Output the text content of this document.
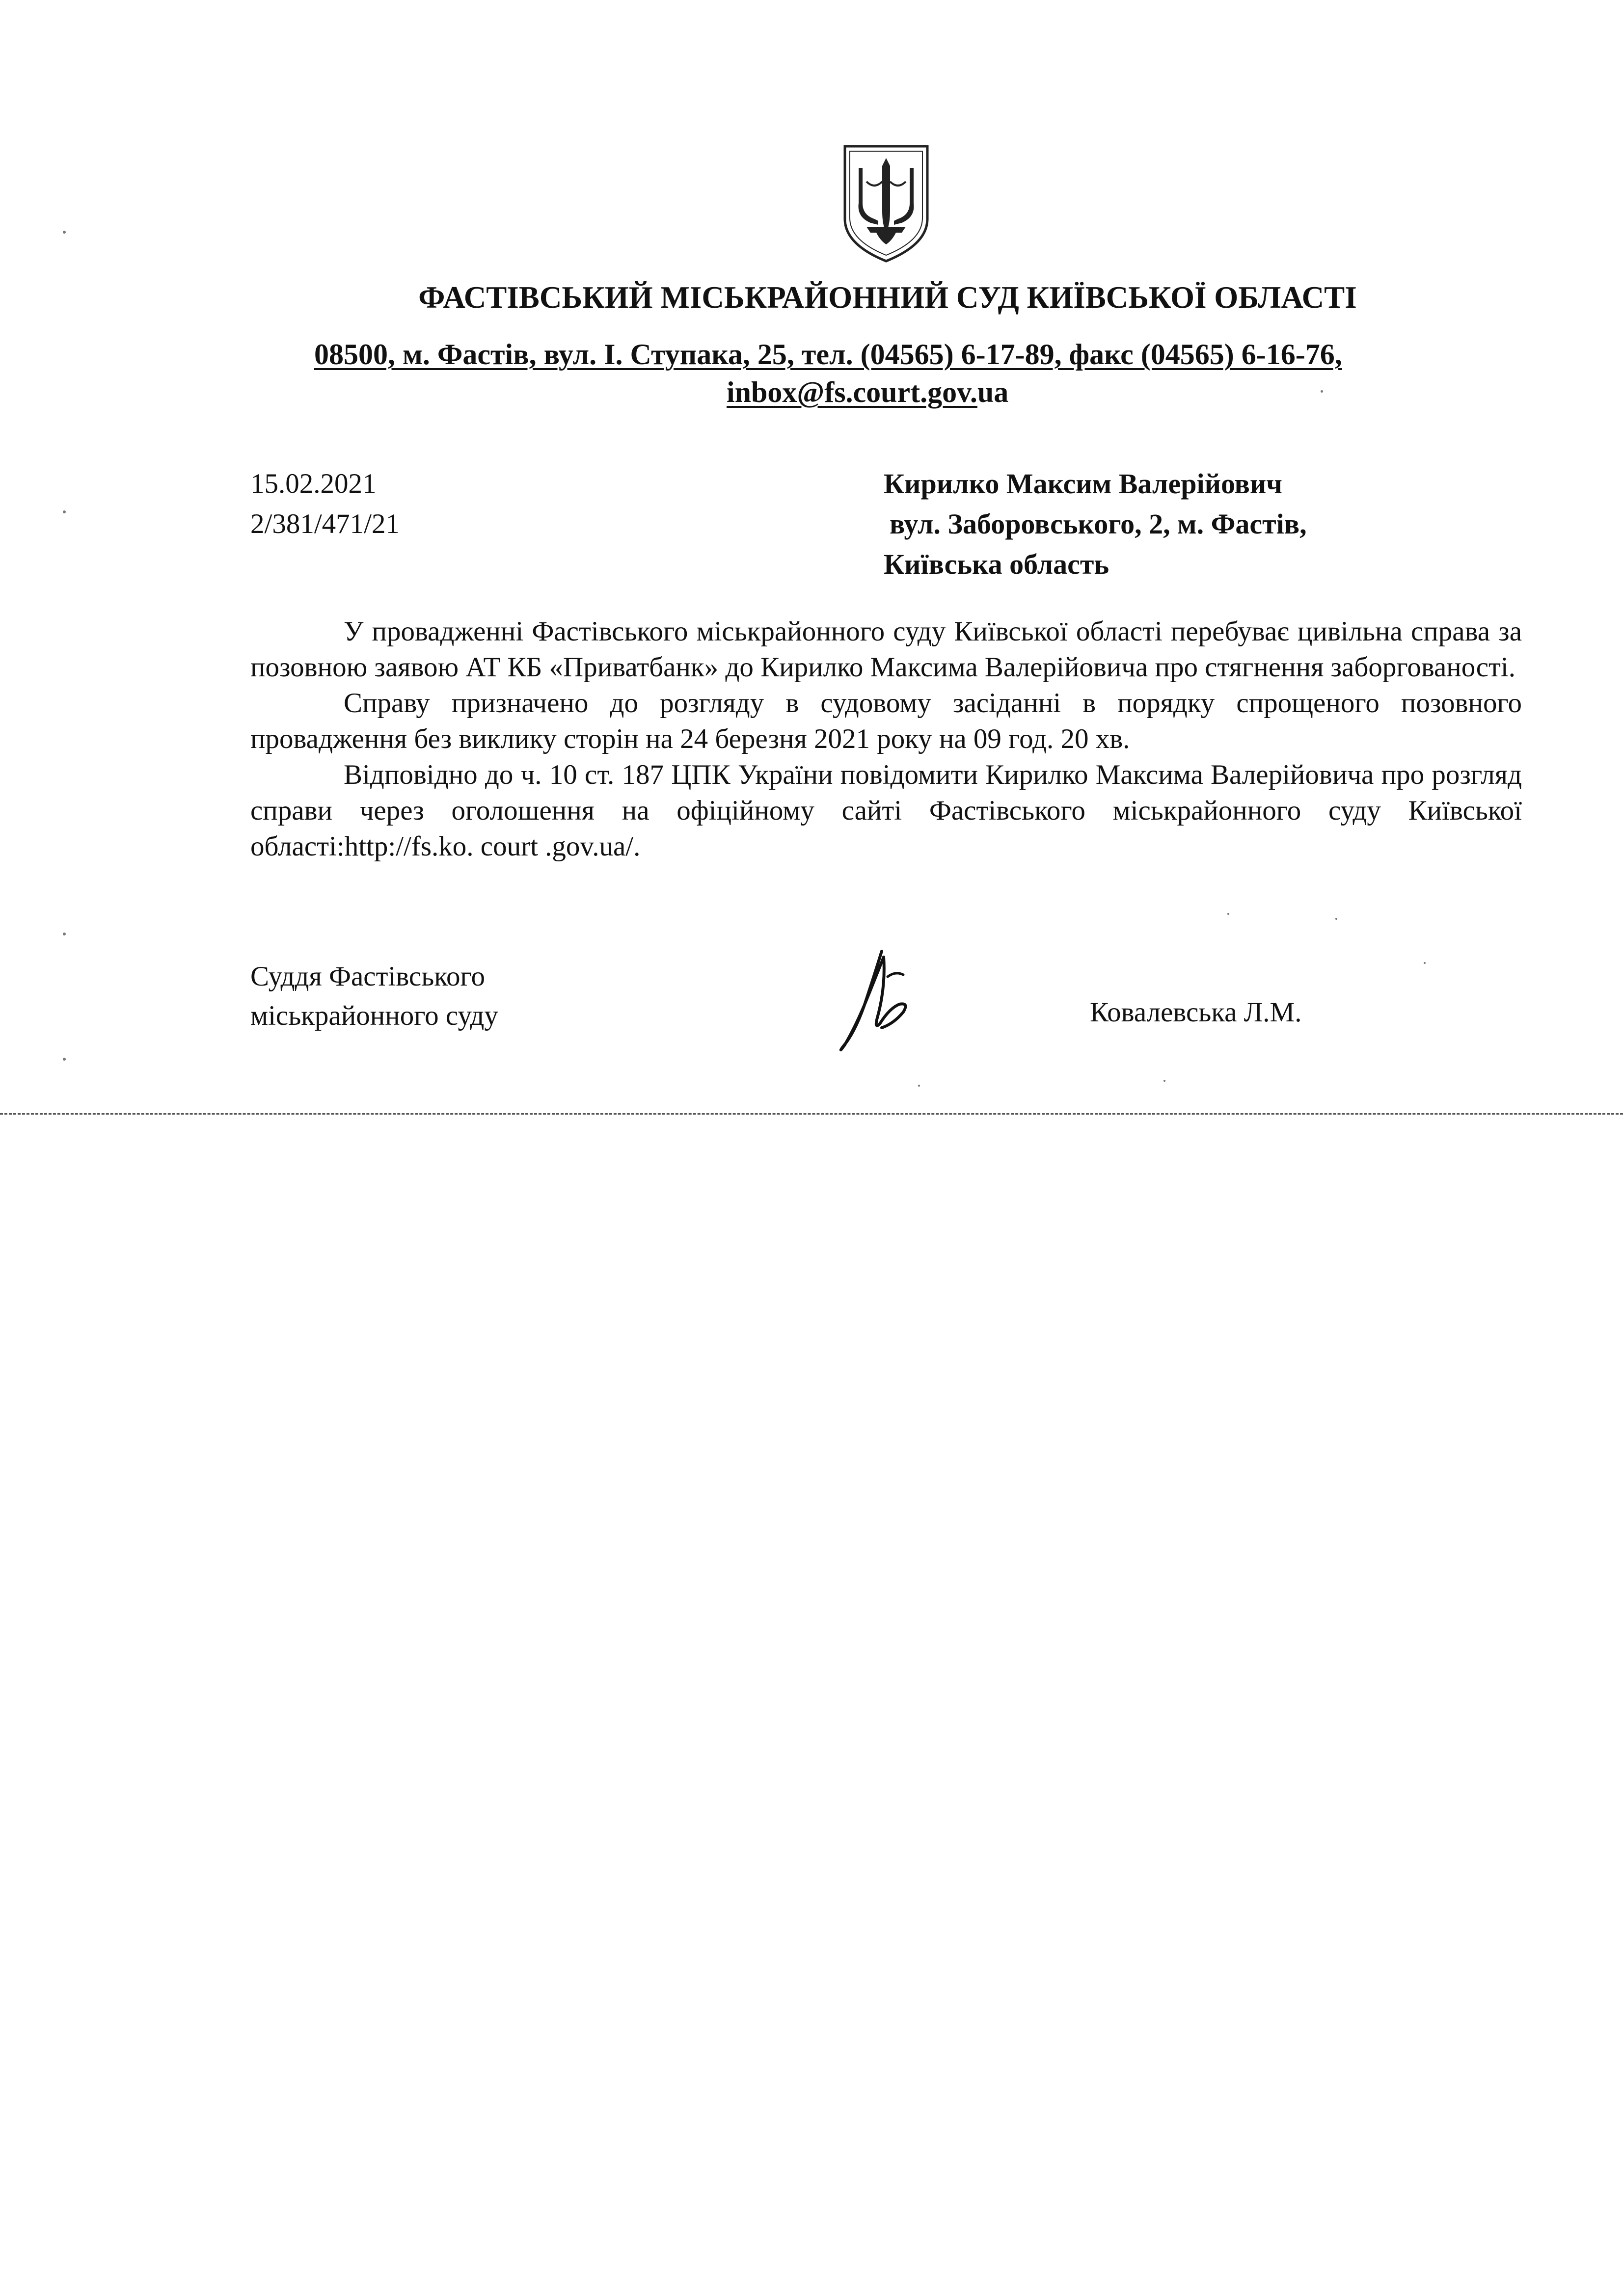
ФАСТІВСЬКИЙ МІСЬКРАЙОННИЙ СУД КИЇВСЬКОЇ ОБЛАСТІ
08500, м. Фастів, вул. І. Ступака, 25, тел. (04565) 6-17-89, факс (04565) 6-16-76,
inbox@fs.court.gov.ua
15.02.2021
2/381/471/21
Кирилко Максим Валерійович
вул. Заборовського, 2, м. Фастів,
Київська область

У провадженні Фастівського міськрайонного суду Київської області перебуває цивільна справа за позовною заявою АТ КБ «Приватбанк» до Кирилко Максима Валерійовича про стягнення заборгованості.

Справу призначено до розгляду в судовому засіданні в порядку спрощеного позовного провадження без виклику сторін на 24 березня 2021 року на 09 год. 20 хв.

Відповідно до ч. 10 ст. 187 ЦПК України повідомити Кирилко Максима Валерійовича про розгляд справи через оголошення на офіційному сайті Фастівського міськрайонного суду Київської області:http://fs.ko. court .gov.ua/.

Суддя Фастівського
міськрайонного суду	Ковалевська Л.М.
